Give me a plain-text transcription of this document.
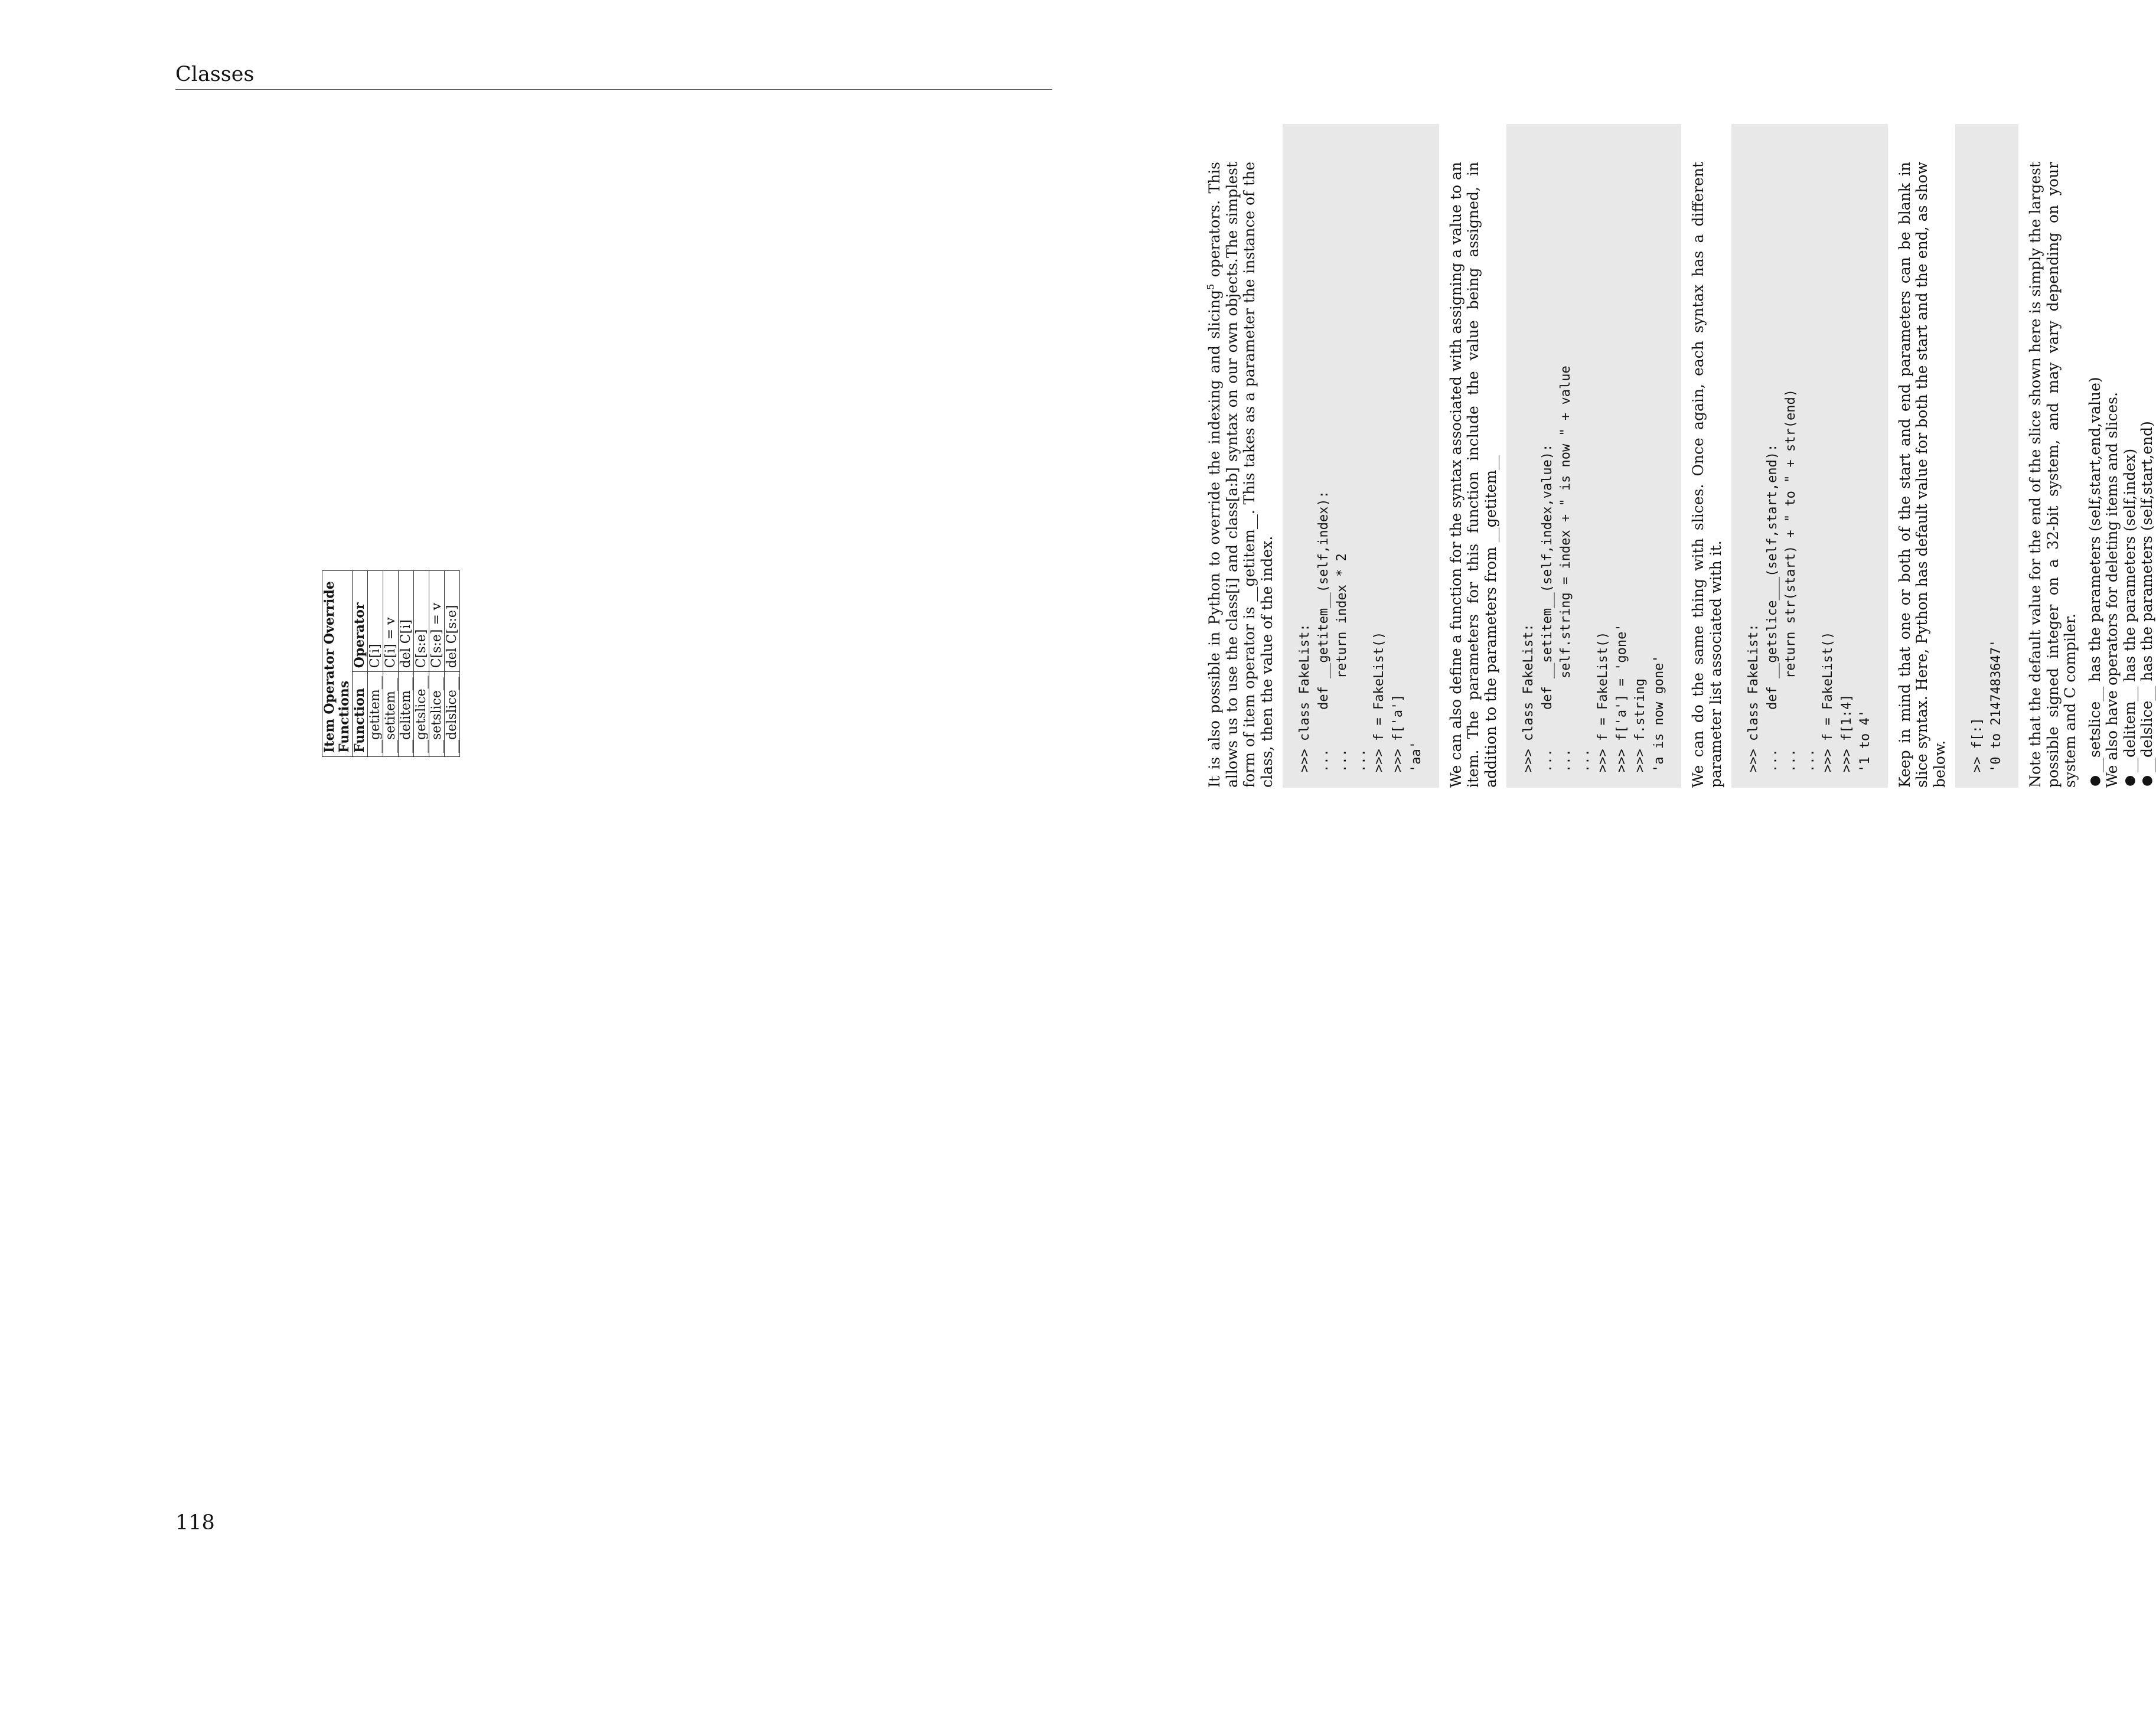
Classes
118

It is also possible in Python to override the indexing and slicing$^5$ operators. This allows us to use the class[i] and class[a:b] syntax on our own objects.The simplest form of item operator is __getitem__. This takes as a parameter the instance of the class, then the value of the index. >>> class FakeList: ...     def __getitem__(self,index): ...         return index * 2 ... >>> f = FakeList() >>> f['a'] 'aa' We can also define a function for the syntax associated with assigning a value to an item. The parameters for this function include the value being assigned, in addition to the parameters from __getitem__ >>> class FakeList: ...     def __setitem__(self,index,value): ...         self.string = index + " is now " + value ... >>> f = FakeList() >>> f['a'] = 'gone' >>> f.string 'a is now gone' We can do the same thing with slices. Once again, each syntax has a different parameter list associated with it. >>> class FakeList: ...     def __getslice___(self,start,end): ...         return str(start) + " to " + str(end) ... >>> f = FakeList() >>> f[1:4] '1 to 4' Keep in mind that one or both of the start and end parameters can be blank in slice syntax. Here, Python has default value for both the start and the end, as show below. >> f[:] '0 to 2147483647' Note that the default value for the end of the slice shown here is simply the largest possible signed integer on a 32-bit system, and may vary depending on your system and C compiler. ●
__setslice__ has the parameters (self,start,end,value) We also have operators for deleting items and slices. ●
__delitem__ has the parameters (self,index)
●
__delslice__ has the parameters (self,start,end)
Item Operator Override Functions	
Function	Operator
__getitem__	C[i]
__setitem__	C[i] = v
__delitem__	del C[i]
__getslice__	C[s:e]
__setslice__	C[s:e] = v
__delslice__	del C[s:e]
